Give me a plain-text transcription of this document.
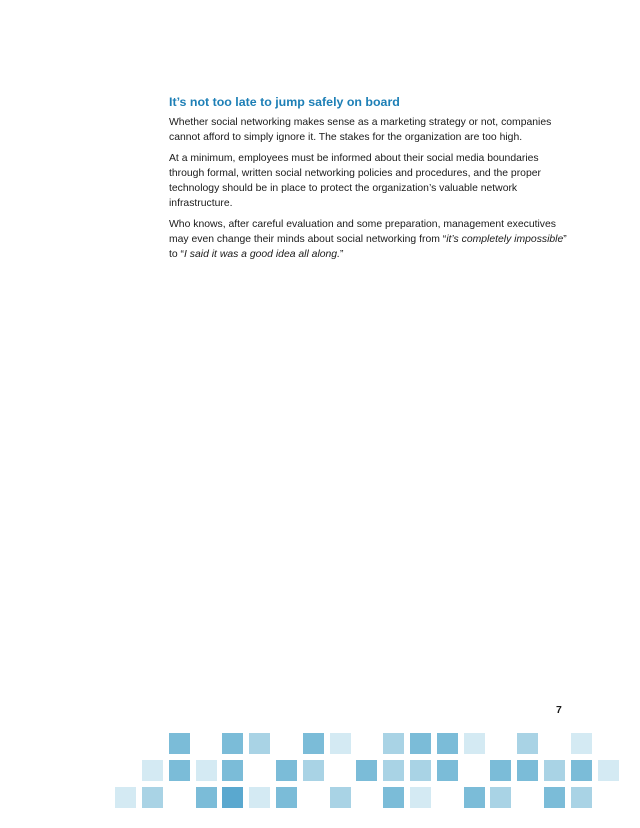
It’s not too late to jump safely on board

Whether social networking makes sense as a marketing strategy or not, companies cannot afford to simply ignore it. The stakes for the organization are too high.

At a minimum, employees must be informed about their social media boundaries through formal, written social networking policies and procedures, and the proper technology should be in place to protect the organization’s valuable network infrastructure.

Who knows, after careful evaluation and some preparation, management executives may even change their minds about social networking from “it’s completely impossible” to “I said it was a good idea all along.”

7
